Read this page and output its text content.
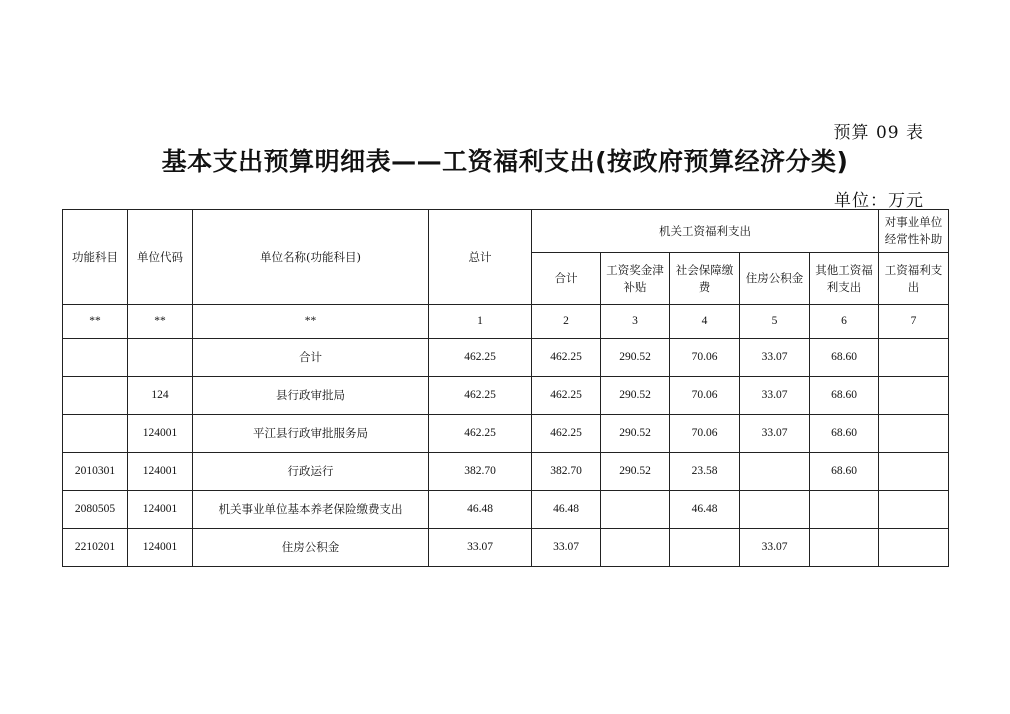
预算 09 表
基本支出预算明细表——工资福利支出(按政府预算经济分类)
单位：万元
功能科目	单位代码	单位名称(功能科目)	总计	机关工资福利支出					对事业单位经常性补助
				合计	工资奖金津补贴	社会保障缴费	住房公积金	其他工资福利支出	工资福利支出
**	**	**	1	2	3	4	5	6	7
		合计	462.25	462.25	290.52	70.06	33.07	68.60	
	124	县行政审批局	462.25	462.25	290.52	70.06	33.07	68.60	
	124001	平江县行政审批服务局	462.25	462.25	290.52	70.06	33.07	68.60	
2010301	124001	行政运行	382.70	382.70	290.52	23.58		68.60	
2080505	124001	机关事业单位基本养老保险缴费支出	46.48	46.48		46.48			
2210201	124001	住房公积金	33.07	33.07			33.07		
